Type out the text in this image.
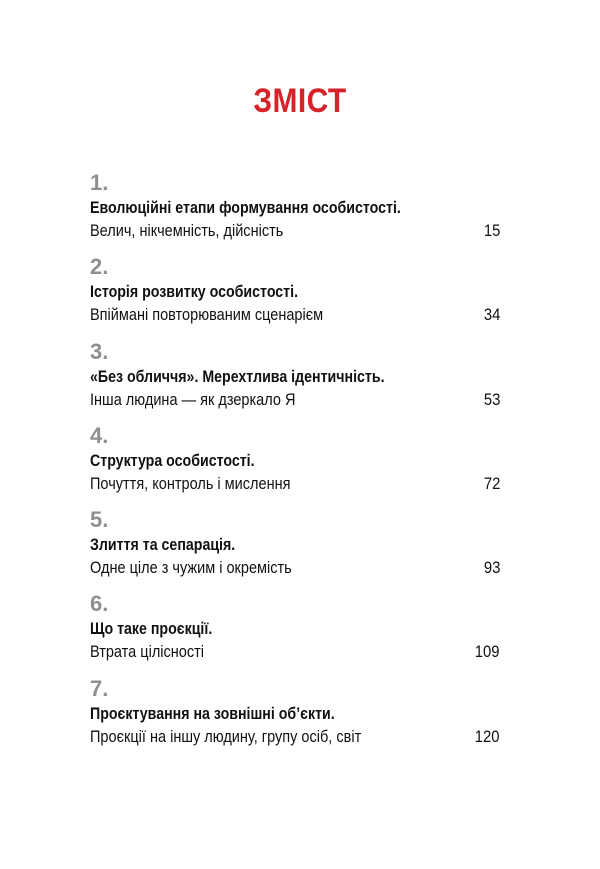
ЗМІСТ
1.
Еволюційні етапи формування особистості.
Велич, нікчемність, дійсність	15
2.
Історія розвитку особистості.
Впіймані повторюваним сценарієм	34
3.
«Без обличчя». Мерехтлива ідентичність.
Інша людина — як дзеркало Я	53
4.
Структура особистості.
Почуття, контроль і мислення	72
5.
Злиття та сепарація.
Одне ціле з чужим і окремість	93
6.
Що таке проєкції.
Втрата цілісності	109
7.
Проєктування на зовнішні об’єкти.
Проєкції на іншу людину, групу осіб, світ	120
